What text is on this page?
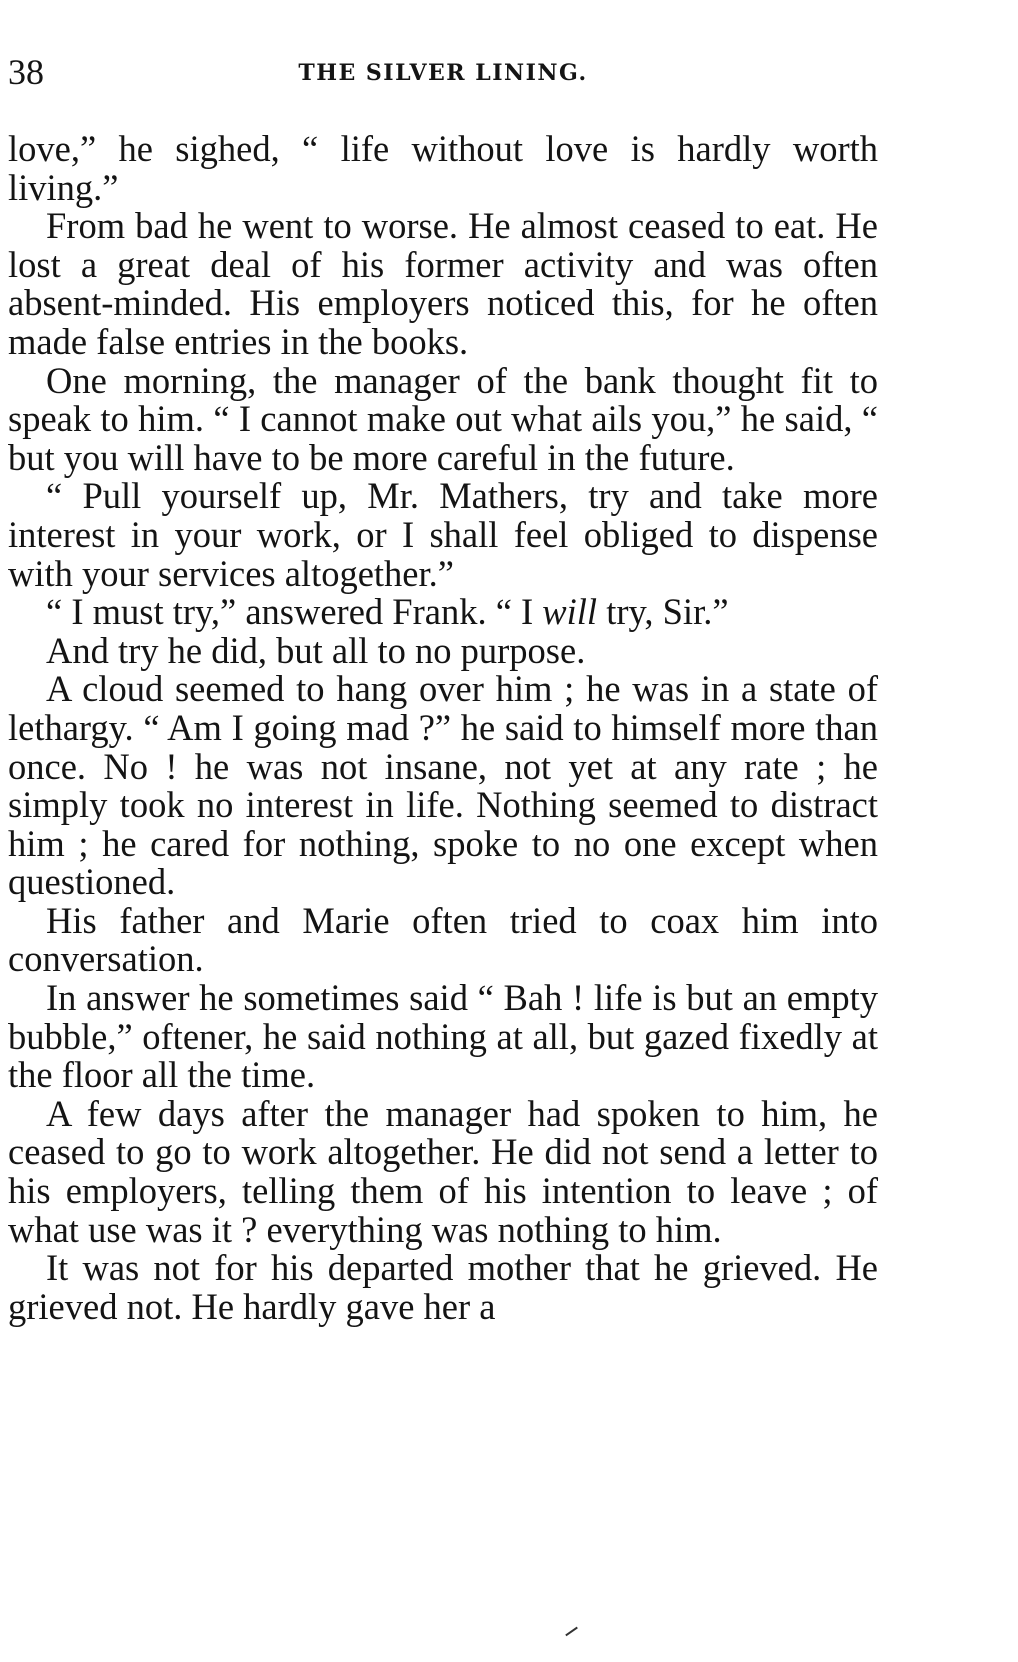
38	THE SILVER LINING.

love,” he sighed, “ life without love is hardly worth living.”

From bad he went to worse. He almost ceased to eat. He lost a great deal of his former activity and was often absent-minded. His employers noticed this, for he often made false entries in the books.

One morning, the manager of the bank thought fit to speak to him. “ I cannot make out what ails you,” he said, “ but you will have to be more careful in the future.

“ Pull yourself up, Mr. Mathers, try and take more interest in your work, or I shall feel obliged to dispense with your services altogether.”

“ I must try,” answered Frank. “ I will try, Sir.”

And try he did, but all to no purpose.

A cloud seemed to hang over him ; he was in a state of lethargy. “ Am I going mad ?” he said to himself more than once. No ! he was not insane, not yet at any rate ; he simply took no interest in life. Nothing seemed to distract him ; he cared for nothing, spoke to no one except when questioned.

His father and Marie often tried to coax him into conversation.

In answer he sometimes said “ Bah ! life is but an empty bubble,” oftener, he said nothing at all, but gazed fixedly at the floor all the time.

A few days after the manager had spoken to him, he ceased to go to work altogether. He did not send a letter to his employers, telling them of his intention to leave ; of what use was it ? everything was nothing to him.

It was not for his departed mother that he grieved. He grieved not. He hardly gave her a
